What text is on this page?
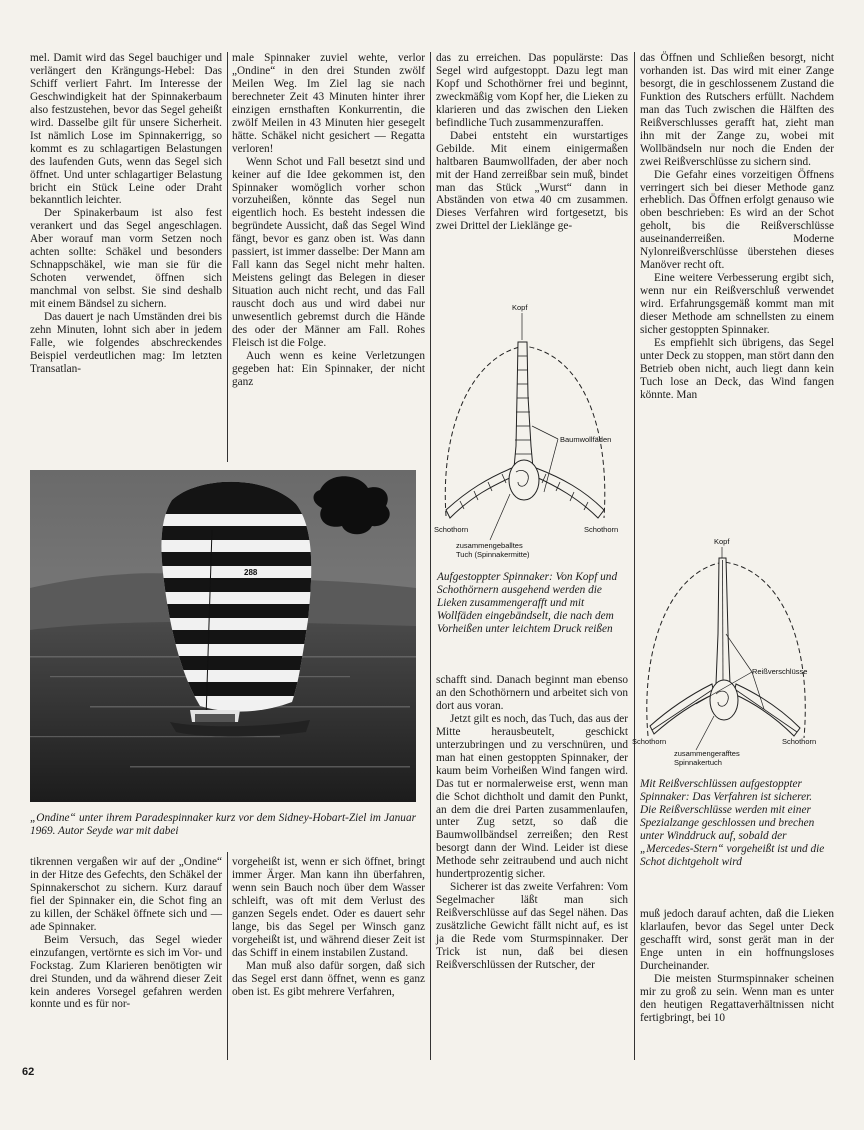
mel. Damit wird das Segel bauchiger und verlängert den Krängungs-Hebel: Das Schiff verliert Fahrt. Im Interesse der Geschwindigkeit hat der Spinnakerbaum also festzustehen, bevor das Segel geheißt wird. Dasselbe gilt für unsere Sicherheit. Ist nämlich Lose im Spinnakerrigg, so kommt es zu schlagartigen Belastungen des laufenden Guts, wenn das Segel sich öffnet. Und unter schlagartiger Belastung bricht ein Stück Leine oder Draht bekanntlich leichter.

Der Spinakerbaum ist also fest verankert und das Segel angeschlagen. Aber worauf man vorm Setzen noch achten sollte: Schäkel und besonders Schnappschäkel, wie man sie für die Schoten verwendet, öffnen sich manchmal von selbst. Sie sind deshalb mit einem Bändsel zu sichern.

Das dauert je nach Umständen drei bis zehn Minuten, lohnt sich aber in jedem Falle, wie folgendes abschreckendes Beispiel verdeutlichen mag: Im letzten Transatlan-

male Spinnaker zuviel wehte, verlor „Ondine“ in den drei Stunden zwölf Meilen Weg. Im Ziel lag sie nach berechneter Zeit 43 Minuten hinter ihrer einzigen ernsthaften Konkurrentin, die zwölf Meilen in 43 Minuten hier gesegelt hätte. Schäkel nicht gesichert — Regatta verloren!

Wenn Schot und Fall besetzt sind und keiner auf die Idee gekommen ist, den Spinnaker womöglich vorher schon vorzuheißen, könnte das Segel nun eigentlich hoch. Es besteht indessen die begründete Aussicht, daß das Segel Wind fängt, bevor es ganz oben ist. Was dann passiert, ist immer dasselbe: Der Mann am Fall kann das Segel nicht mehr halten. Meistens gelingt das Belegen in dieser Situation auch nicht recht, und das Fall rauscht doch aus und wird dabei nur unwesentlich gebremst durch die Hände des oder der Männer am Fall. Rohes Fleisch ist die Folge.

Auch wenn es keine Verletzungen gegeben hat: Ein Spinnaker, der nicht ganz

das zu erreichen. Das populärste: Das Segel wird aufgestoppt. Dazu legt man Kopf und Schothörner frei und beginnt, zweckmäßig vom Kopf her, die Lieken zu klarieren und das zwischen den Lieken befindliche Tuch zusammenzuraffen.

Dabei entsteht ein wurstartiges Gebilde. Mit einem einigermaßen haltbaren Baumwollfaden, der aber noch mit der Hand zerreißbar sein muß, bindet man das Stück „Wurst“ dann in Abständen von etwa 40 cm zusammen. Dieses Verfahren wird fortgesetzt, bis zwei Drittel der Lieklänge ge-

Kopf
Baumwollfäden
Schothorn	Schothorn
zusammengeballtes
Tuch (Spinnakermitte)
Aufgestoppter Spinnaker: Von Kopf und Schothörnern ausgehend werden die Lieken zusammengerafft und mit Wollfäden eingebändselt, die nach dem Vorheißen unter leichtem Druck reißen

schafft sind. Danach beginnt man ebenso an den Schothörnern und arbeitet sich von dort aus voran.

Jetzt gilt es noch, das Tuch, das aus der Mitte herausbeutelt, geschickt unterzubringen und zu verschnüren, und man hat einen gestoppten Spinnaker, der kaum beim Vorheißen Wind fangen wird. Das tut er normalerweise erst, wenn man die Schot dichtholt und damit den Punkt, an dem die drei Parten zusammenlaufen, unter Zug setzt, so daß die Baumwollbändsel zerreißen; den Rest besorgt dann der Wind. Leider ist diese Methode sehr zeitraubend und auch nicht hundertprozentig sicher.

Sicherer ist das zweite Verfahren: Vom Segelmacher läßt man sich Reißverschlüsse auf das Segel nähen. Das zusätzliche Gewicht fällt nicht auf, es ist ja die Rede vom Sturmspinnaker. Der Trick ist nun, daß bei diesen Reißverschlüssen der Rutscher, der

das Öffnen und Schließen besorgt, nicht vorhanden ist. Das wird mit einer Zange besorgt, die in geschlossenem Zustand die Funktion des Rutschers erfüllt. Nachdem man das Tuch zwischen die Hälften des Reißverschlusses gerafft hat, zieht man ihn mit der Zange zu, wobei mit Wollbändseln nur noch die Enden der zwei Reißverschlüsse zu sichern sind.

Die Gefahr eines vorzeitigen Öffnens verringert sich bei dieser Methode ganz erheblich. Das Öffnen erfolgt genauso wie oben beschrieben: Es wird an der Schot geholt, bis die Reißverschlüsse auseinanderreißen. Moderne Nylonreißverschlüsse überstehen dieses Manöver recht oft.

Eine weitere Verbesserung ergibt sich, wenn nur ein Reißverschluß verwendet wird. Erfahrungsgemäß kommt man mit dieser Methode am schnellsten zu einem sicher gestoppten Spinnaker.

Es empfiehlt sich übrigens, das Segel unter Deck zu stoppen, man stört dann den Betrieb oben nicht, auch liegt dann kein Tuch lose an Deck, das Wind fangen könnte. Man

Kopf
Reißverschlüsse
Schothorn	Schothorn
zusammengerafftes
Spinnakertuch
Mit Reißverschlüssen aufgestoppter Spinnaker: Das Verfahren ist sicherer. Die Reißverschlüsse werden mit einer Spezialzange geschlossen und brechen unter Winddruck auf, sobald der „Mercedes-Stern“ vorgeheißt ist und die Schot dichtgeholt wird

muß jedoch darauf achten, daß die Lieken klarlaufen, bevor das Segel unter Deck geschafft wird, sonst gerät man in der Enge unten in ein hoffnungsloses Durcheinander.

Die meisten Sturmspinnaker scheinen mir zu groß zu sein. Wenn man es unter den heutigen Regattaverhältnissen nicht fertigbringt, bei 10

288
„Ondine“ unter ihrem Paradespinnaker kurz vor dem Sidney-Hobart-Ziel im Januar 1969. Autor Seyde war mit dabei

tikrennen vergaßen wir auf der „Ondine“ in der Hitze des Gefechts, den Schäkel der Spinnakerschot zu sichern. Kurz darauf fiel der Spinnaker ein, die Schot fing an zu killen, der Schäkel öffnete sich und — ade Spinnaker.

Beim Versuch, das Segel wieder einzufangen, vertörnte es sich im Vor- und Fockstag. Zum Klarieren benötigten wir drei Stunden, und da während dieser Zeit kein anderes Vorsegel gefahren werden konnte und es für nor-

vorgeheißt ist, wenn er sich öffnet, bringt immer Ärger. Man kann ihn überfahren, wenn sein Bauch noch über dem Wasser schleift, was oft mit dem Verlust des ganzen Segels endet. Oder es dauert sehr lange, bis das Segel per Winsch ganz vorgeheißt ist, und während dieser Zeit ist das Schiff in einem instabilen Zustand.

Man muß also dafür sorgen, daß sich das Segel erst dann öffnet, wenn es ganz oben ist. Es gibt mehrere Verfahren,

62
